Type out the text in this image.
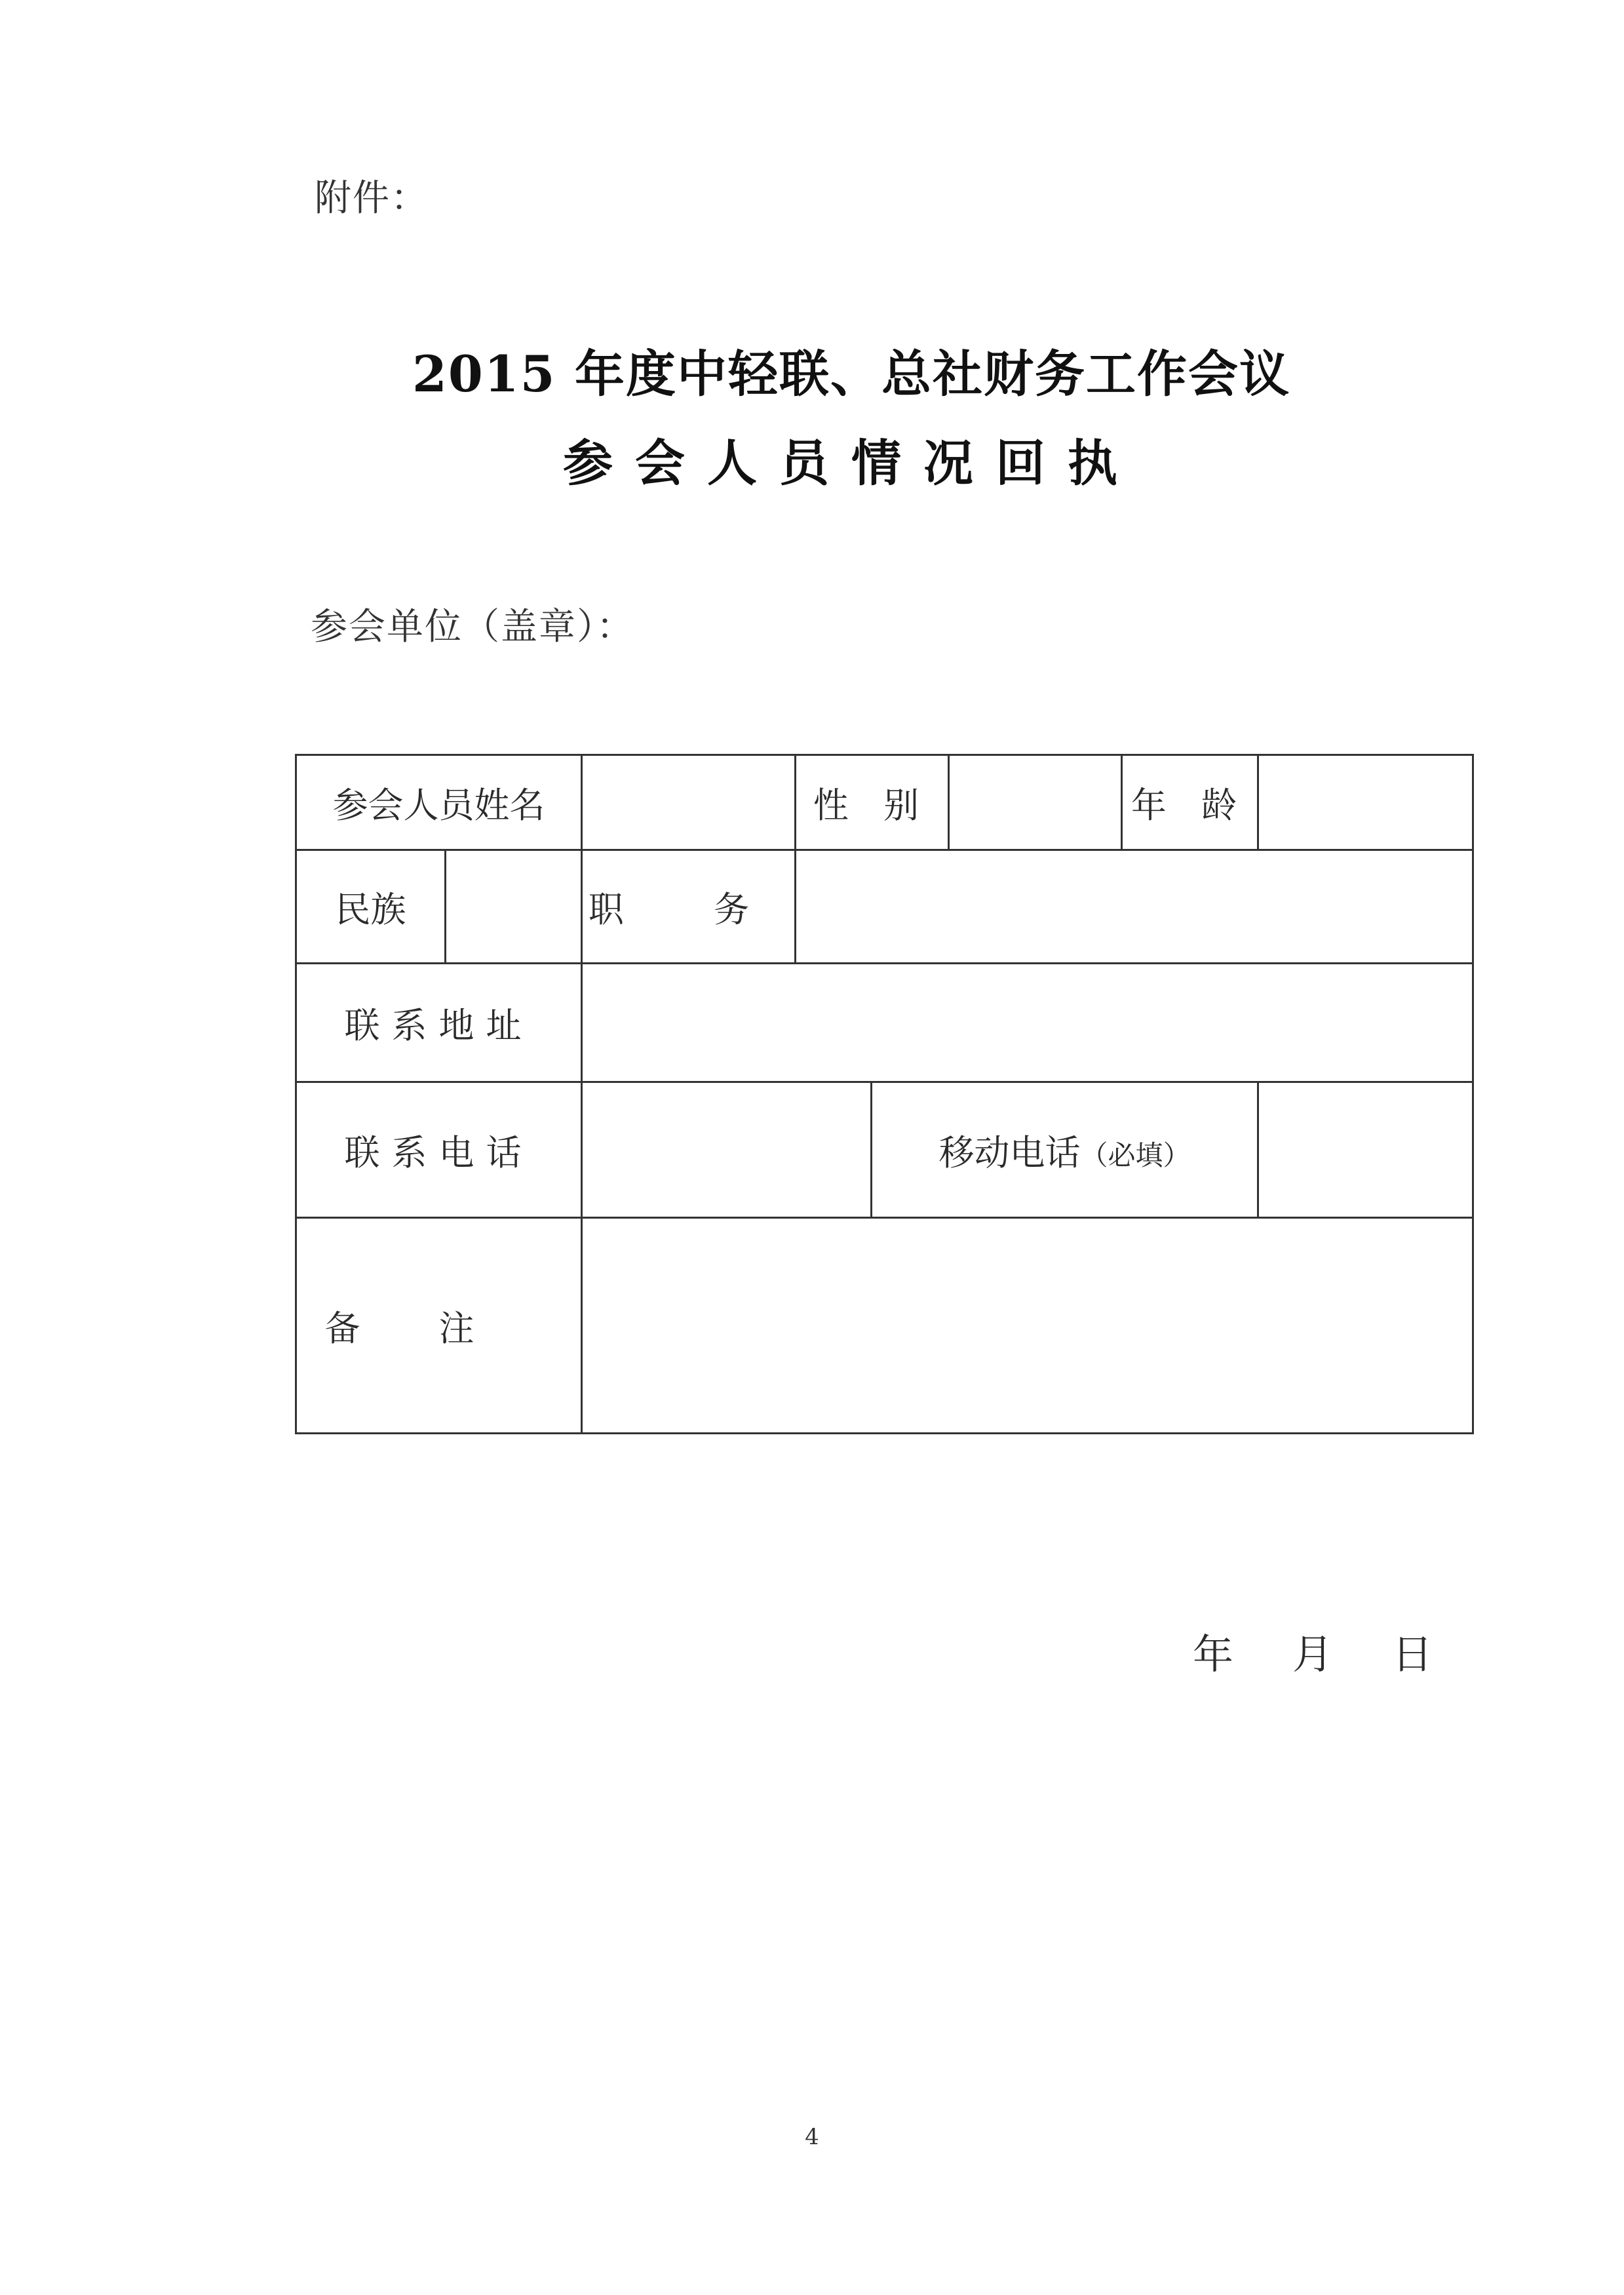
附件：
2015 年度中轻联、总社财务工作会议
参会人员情况回执
参会单位（盖章）：
参会人员姓名			性 别			年 龄	
民族		职 务					
联系地址							
联系电话				移动电话（必填）			
备注							
年 月 日
4
